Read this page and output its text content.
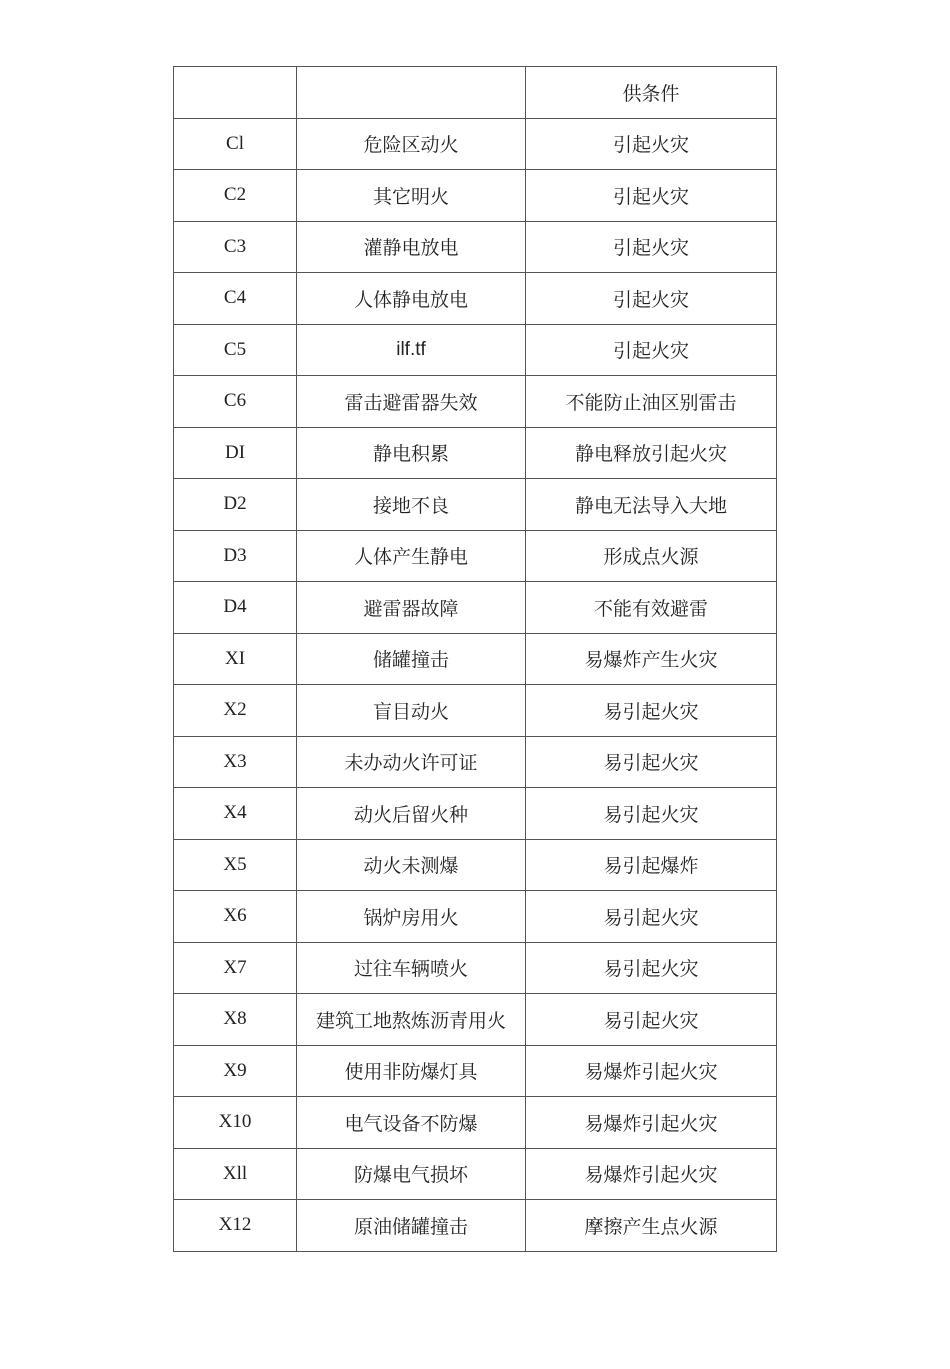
		供条件
Cl	危险区动火	引起火灾
C2	其它明火	引起火灾
C3	灌静电放电	引起火灾
C4	人体静电放电	引起火灾
C5	ilf.tf	引起火灾
C6	雷击避雷器失效	不能防止油区别雷击
DI	静电积累	静电释放引起火灾
D2	接地不良	静电无法导入大地
D3	人体产生静电	形成点火源
D4	避雷器故障	不能有效避雷
XI	储罐撞击	易爆炸产生火灾
X2	盲目动火	易引起火灾
X3	未办动火许可证	易引起火灾
X4	动火后留火种	易引起火灾
X5	动火未测爆	易引起爆炸
X6	锅炉房用火	易引起火灾
X7	过往车辆喷火	易引起火灾
X8	建筑工地熬炼沥青用火	易引起火灾
X9	使用非防爆灯具	易爆炸引起火灾
X10	电气设备不防爆	易爆炸引起火灾
Xll	防爆电气损坏	易爆炸引起火灾
X12	原油储罐撞击	摩擦产生点火源
